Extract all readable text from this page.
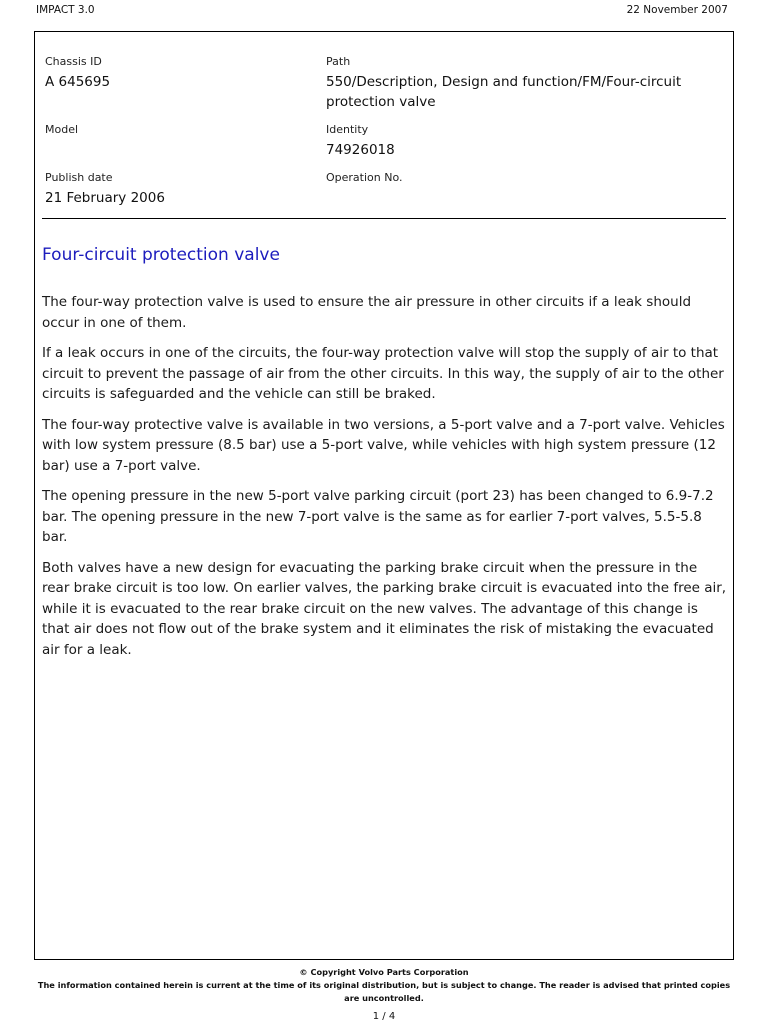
IMPACT 3.0	22 November 2007
Chassis ID
A 645695
Path
550/Description, Design and function/FM/Four-circuit protection valve
Model	Identity
74926018
Publish date
21 February 2006
Operation No.
Four-circuit protection valve

The four-way protection valve is used to ensure the air pressure in other circuits if a leak should occur in one of them.

If a leak occurs in one of the circuits, the four-way protection valve will stop the supply of air to that circuit to prevent the passage of air from the other circuits. In this way, the supply of air to the other circuits is safeguarded and the vehicle can still be braked.

The four-way protective valve is available in two versions, a 5-port valve and a 7-port valve. Vehicles with low system pressure (8.5 bar) use a 5-port valve, while vehicles with high system pressure (12 bar) use a 7-port valve.

The opening pressure in the new 5-port valve parking circuit (port 23) has been changed to 6.9-7.2 bar. The opening pressure in the new 7-port valve is the same as for earlier 7-port valves, 5.5-5.8 bar.

Both valves have a new design for evacuating the parking brake circuit when the pressure in the rear brake circuit is too low. On earlier valves, the parking brake circuit is evacuated into the free air, while it is evacuated to the rear brake circuit on the new valves. The advantage of this change is that air does not flow out of the brake system and it eliminates the risk of mistaking the evacuated air for a leak.

© Copyright Volvo Parts Corporation
The information contained herein is current at the time of its original distribution, but is subject to change. The reader is advised that printed copies are uncontrolled.
1 / 4
